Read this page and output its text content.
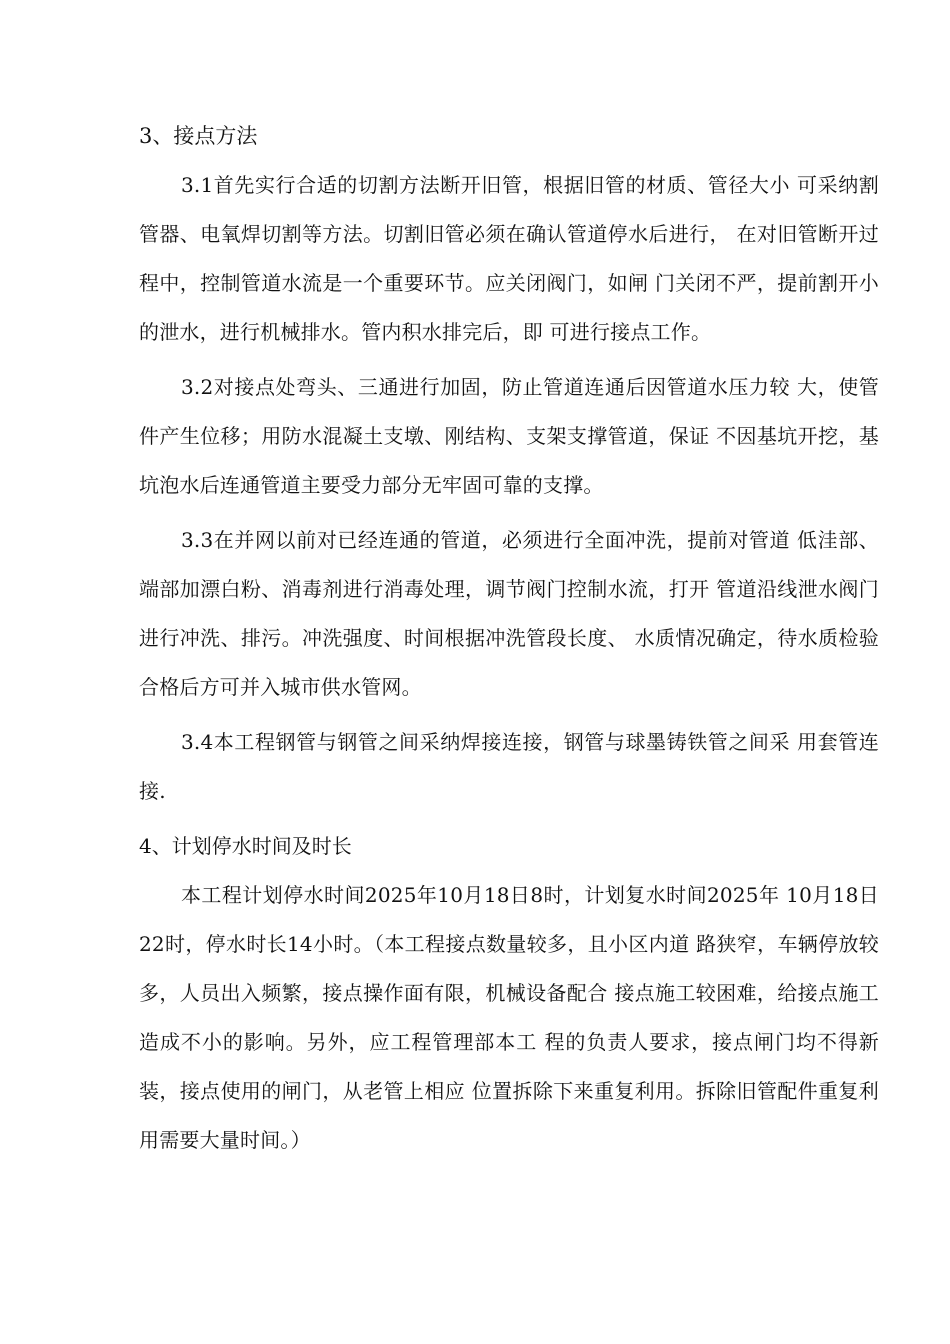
3、接点方法

3.1首先实行合适的切割方法断开旧管，根据旧管的材质、管径大小 可采纳割管器、电氧焊切割等方法。切割旧管必须在确认管道停水后进行， 在对旧管断开过程中，控制管道水流是一个重要环节。应关闭阀门，如闸 门关闭不严，提前割开小的泄水，进行机械排水。管内积水排完后，即 可进行接点工作。

3.2对接点处弯头、三通进行加固，防止管道连通后因管道水压力较 大，使管件产生位移；用防水混凝土支墩、刚结构、支架支撑管道，保证 不因基坑开挖，基坑泡水后连通管道主要受力部分无牢固可靠的支撑。

3.3在并网以前对已经连通的管道，必须进行全面冲洗，提前对管道 低洼部、端部加漂白粉、消毒剂进行消毒处理，调节阀门控制水流，打开 管道沿线泄水阀门进行冲洗、排污。冲洗强度、时间根据冲洗管段长度、 水质情况确定，待水质检验合格后方可并入城市供水管网。

3.4本工程钢管与钢管之间采纳焊接连接，钢管与球墨铸铁管之间采 用套管连接.

4、计划停水时间及时长

本工程计划停水时间2025年10月18日8时，计划复水时间2025年 10月18日22时，停水时长14小时。（本工程接点数量较多，且小区内道 路狭窄，车辆停放较多，人员出入频繁，接点操作面有限，机械设备配合 接点施工较困难，给接点施工造成不小的影响。另外，应工程管理部本工 程的负责人要求，接点闸门均不得新装，接点使用的闸门，从老管上相应 位置拆除下来重复利用。拆除旧管配件重复利用需要大量时间。）
